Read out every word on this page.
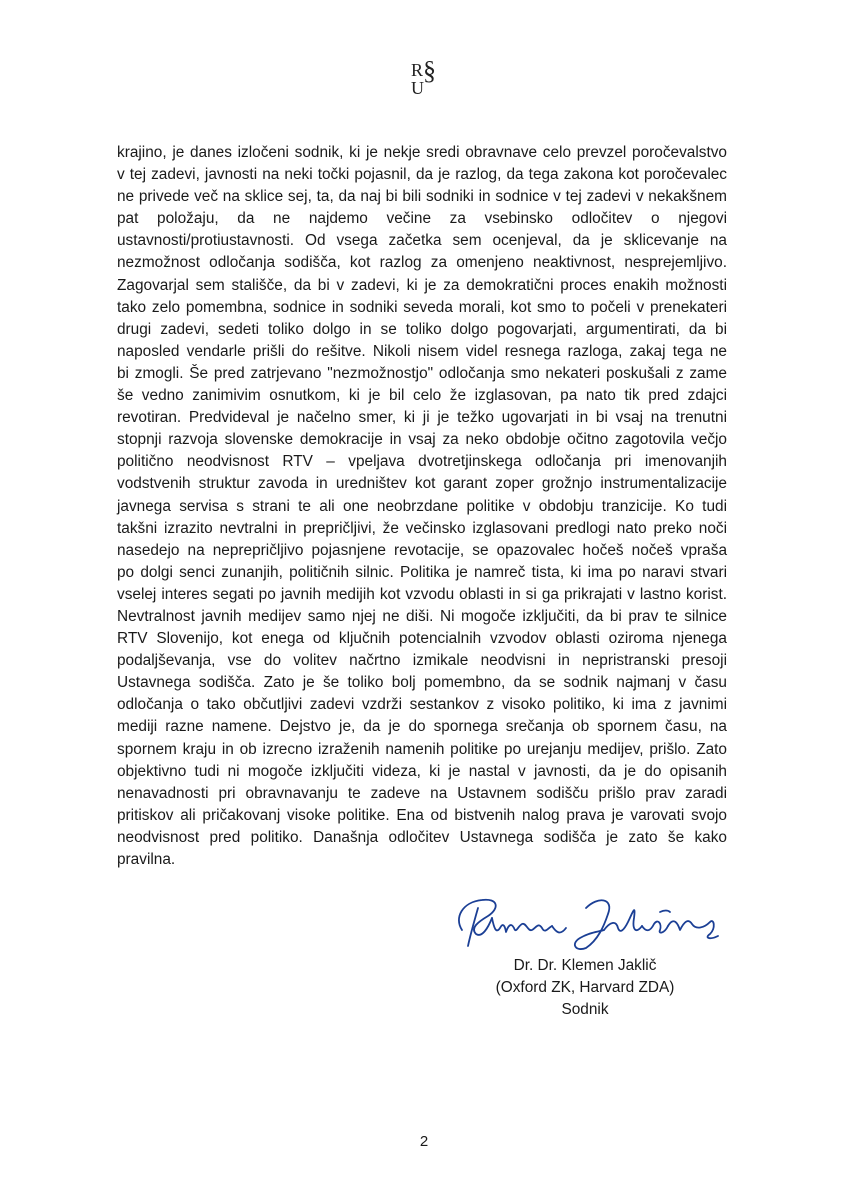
R §
U
krajino, je danes izločeni sodnik, ki je nekje sredi obravnave celo prevzel poročevalstvo
v tej zadevi, javnosti na neki točki pojasnil, da je razlog, da tega zakona kot poročevalec
ne privede več na sklice sej, ta, da naj bi bili sodniki in sodnice v tej zadevi v nekakšnem
pat položaju, da ne najdemo večine za vsebinsko odločitev o njegovi
ustavnosti/protiustavnosti. Od vsega začetka sem ocenjeval, da je sklicevanje na
nezmožnost odločanja sodišča, kot razlog za omenjeno neaktivnost, nesprejemljivo.
Zagovarjal sem stališče, da bi v zadevi, ki je za demokratični proces enakih možnosti
tako zelo pomembna, sodnice in sodniki seveda morali, kot smo to počeli v prenekateri
drugi zadevi, sedeti toliko dolgo in se toliko dolgo pogovarjati, argumentirati, da bi
naposled vendarle prišli do rešitve. Nikoli nisem videl resnega razloga, zakaj tega ne
bi zmogli. Še pred zatrjevano "nezmožnostjo" odločanja smo nekateri poskušali z zame
še vedno zanimivim osnutkom, ki je bil celo že izglasovan, pa nato tik pred zdajci
revotiran. Predvideval je načelno smer, ki ji je težko ugovarjati in bi vsaj na trenutni
stopnji razvoja slovenske demokracije in vsaj za neko obdobje očitno zagotovila večjo
politično neodvisnost RTV – vpeljava dvotretjinskega odločanja pri imenovanjih
vodstvenih struktur zavoda in uredništev kot garant zoper grožnjo instrumentalizacije
javnega servisa s strani te ali one neobrzdane politike v obdobju tranzicije. Ko tudi
takšni izrazito nevtralni in prepričljivi, že večinsko izglasovani predlogi nato preko noči
nasedejo na neprepričljivo pojasnjene revotacije, se opazovalec hočeš nočeš vpraša
po dolgi senci zunanjih, političnih silnic. Politika je namreč tista, ki ima po naravi stvari
vselej interes segati po javnih medijih kot vzvodu oblasti in si ga prikrajati v lastno korist.
Nevtralnost javnih medijev samo njej ne diši. Ni mogoče izključiti, da bi prav te silnice
RTV Slovenijo, kot enega od ključnih potencialnih vzvodov oblasti oziroma njenega
podaljševanja, vse do volitev načrtno izmikale neodvisni in nepristranski presoji
Ustavnega sodišča. Zato je še toliko bolj pomembno, da se sodnik najmanj v času
odločanja o tako občutljivi zadevi vzdrži sestankov z visoko politiko, ki ima z javnimi
mediji razne namene. Dejstvo je, da je do spornega srečanja ob spornem času, na
spornem kraju in ob izrecno izraženih namenih politike po urejanju medijev, prišlo. Zato
objektivno tudi ni mogoče izključiti videza, ki je nastal v javnosti, da je do opisanih
nenavadnosti pri obravnavanju te zadeve na Ustavnem sodišču prišlo prav zaradi
pritiskov ali pričakovanj visoke politike. Ena od bistvenih nalog prava je varovati svojo
neodvisnost pred politiko. Današnja odločitev Ustavnega sodišča je zato še kako
pravilna.
Dr. Dr. Klemen Jaklič
(Oxford ZK, Harvard ZDA)
Sodnik
2
